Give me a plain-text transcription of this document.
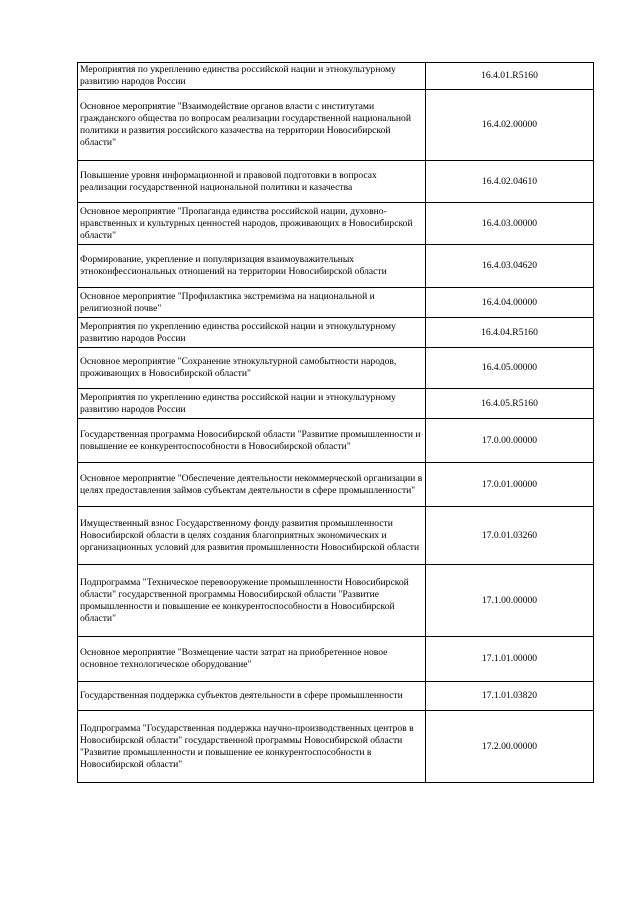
Мероприятия по укреплению единства российской нации и этнокультурному развитию народов России	16.4.01.R5160
Основное мероприятие "Взаимодействие органов власти с институтами гражданского общества по вопросам реализации государственной национальной политики и развития российского казачества на территории Новосибирской области"	16.4.02.00000
Повышение уровня информационной и правовой подготовки в вопросах реализации государственной национальной политики и казачества	16.4.02.04610
Основное мероприятие "Пропаганда единства российской нации, духовно-нравственных и культурных ценностей народов, проживающих в Новосибирской области"	16.4.03.00000
Формирование, укрепление и популяризация взаимоуважительных этноконфессиональных отношений на территории Новосибирской области	16.4.03.04620
Основное мероприятие "Профилактика экстремизма на национальной и религиозной почве"	16.4.04.00000
Мероприятия по укреплению единства российской нации и этнокультурному развитию народов России	16.4.04.R5160
Основное мероприятие "Сохранение этнокультурной самобытности народов, проживающих в Новосибирской области"	16.4.05.00000
Мероприятия по укреплению единства российской нации и этнокультурному развитию народов России	16.4.05.R5160
Государственная программа Новосибирской области "Развитие промышленности и повышение ее конкурентоспособности в Новосибирской области"	17.0.00.00000
Основное мероприятие "Обеспечение деятельности некоммерческой организации в целях предоставления займов субъектам деятельности в сфере промышленности"	17.0.01.00000
Имущественный взнос Государственному фонду развития промышленности Новосибирской области в целях создания благоприятных экономических и организационных условий для развития промышленности Новосибирской области	17.0.01.03260
Подпрограмма "Техническое перевооружение промышленности Новосибирской области" государственной программы Новосибирской области "Развитие промышленности и повышение ее конкурентоспособности в Новосибирской области"	17.1.00.00000
Основное мероприятие "Возмещение части затрат на приобретенное новое основное технологическое оборудование"	17.1.01.00000
Государственная поддержка субъектов деятельности в сфере промышленности	17.1.01.03820
Подпрограмма "Государственная поддержка научно-производственных центров в Новосибирской области" государственной программы Новосибирской области "Развитие промышленности и повышение ее конкурентоспособности в Новосибирской области"	17.2.00.00000
